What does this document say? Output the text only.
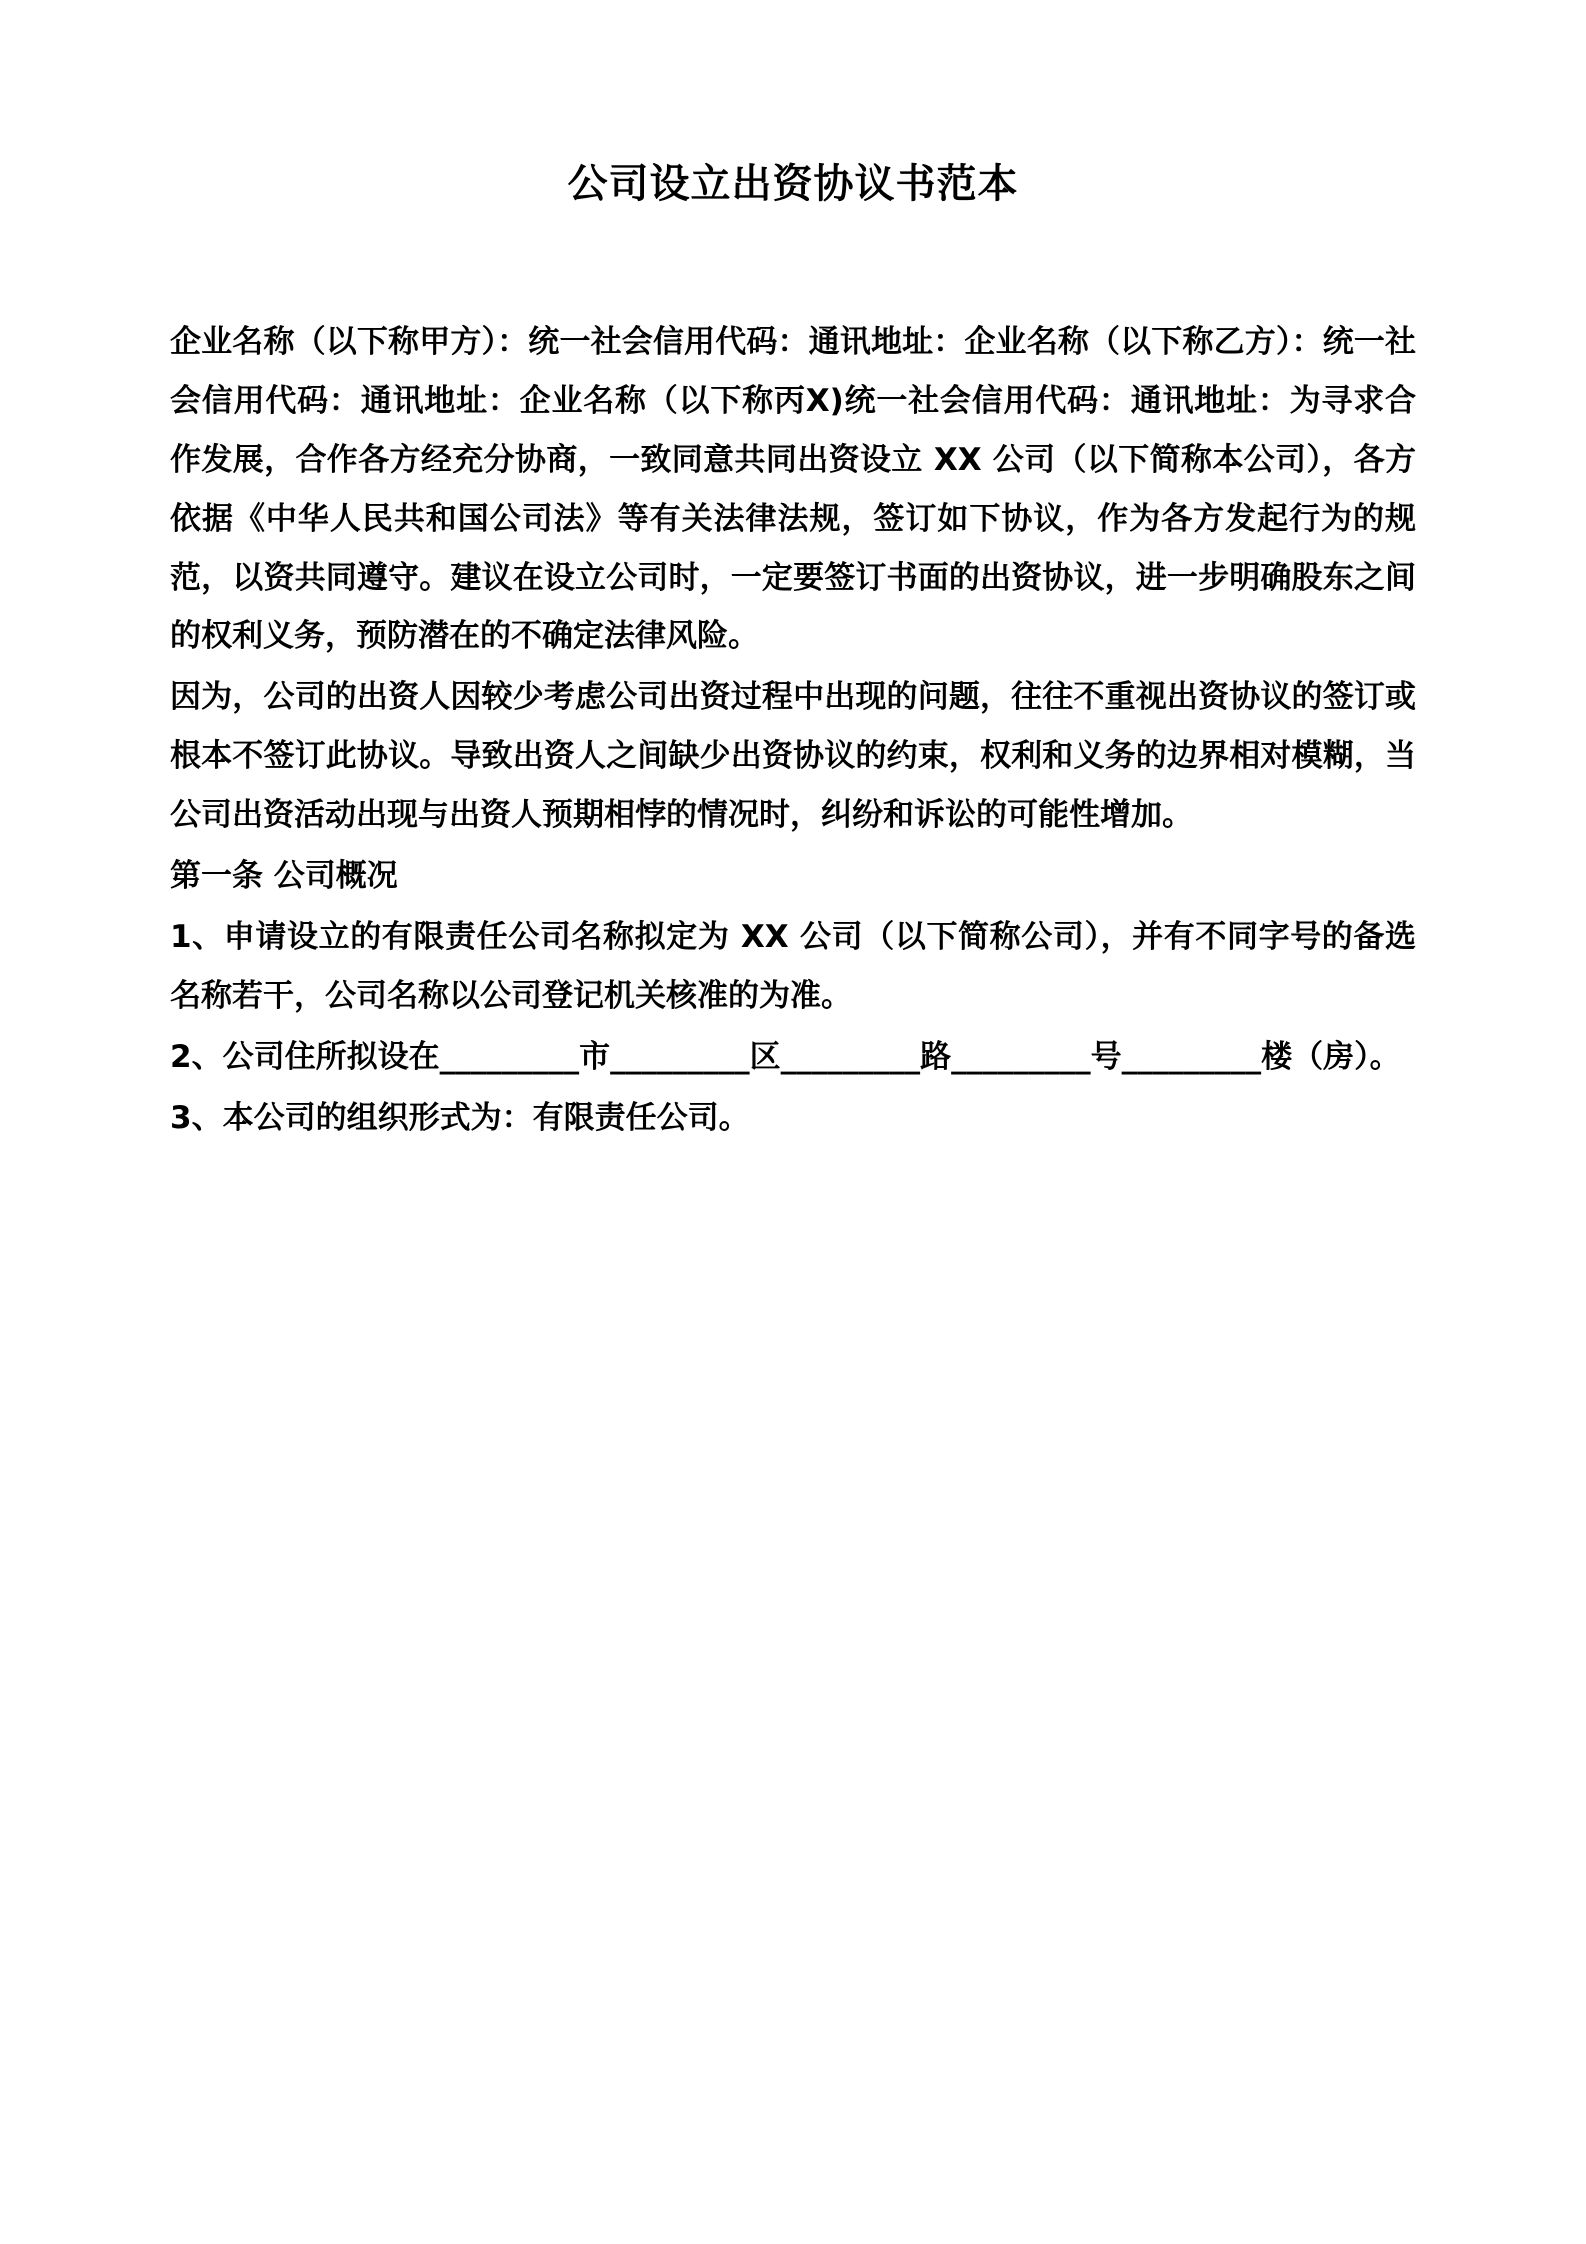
公司设立出资协议书范本

企业名称（以下称甲方）：统一社会信用代码：通讯地址：企业名称（以下称乙方）：统一社会信用代码：通讯地址：企业名称（以下称丙X)统一社会信用代码：通讯地址：为寻求合作发展，合作各方经充分协商，一致同意共同出资设立 XX 公司（以下简称本公司），各方依据《中华人民共和国公司法》等有关法律法规，签订如下协议，作为各方发起行为的规范，以资共同遵守。建议在设立公司时，一定要签订书面的出资协议，进一步明确股东之间的权利义务，预防潜在的不确定法律风险。

因为，公司的出资人因较少考虑公司出资过程中出现的问题，往往不重视出资协议的签订或根本不签订此协议。导致出资人之间缺少出资协议的约束，权利和义务的边界相对模糊，当公司出资活动出现与出资人预期相悖的情况时，纠纷和诉讼的可能性增加。

第一条 公司概况

1、申请设立的有限责任公司名称拟定为 XX 公司（以下简称公司），并有不同字号的备选名称若干，公司名称以公司登记机关核准的为准。

2、公司住所拟设在_________市_________区_________路_________号_________楼（房）。

3、本公司的组织形式为：有限责任公司。
